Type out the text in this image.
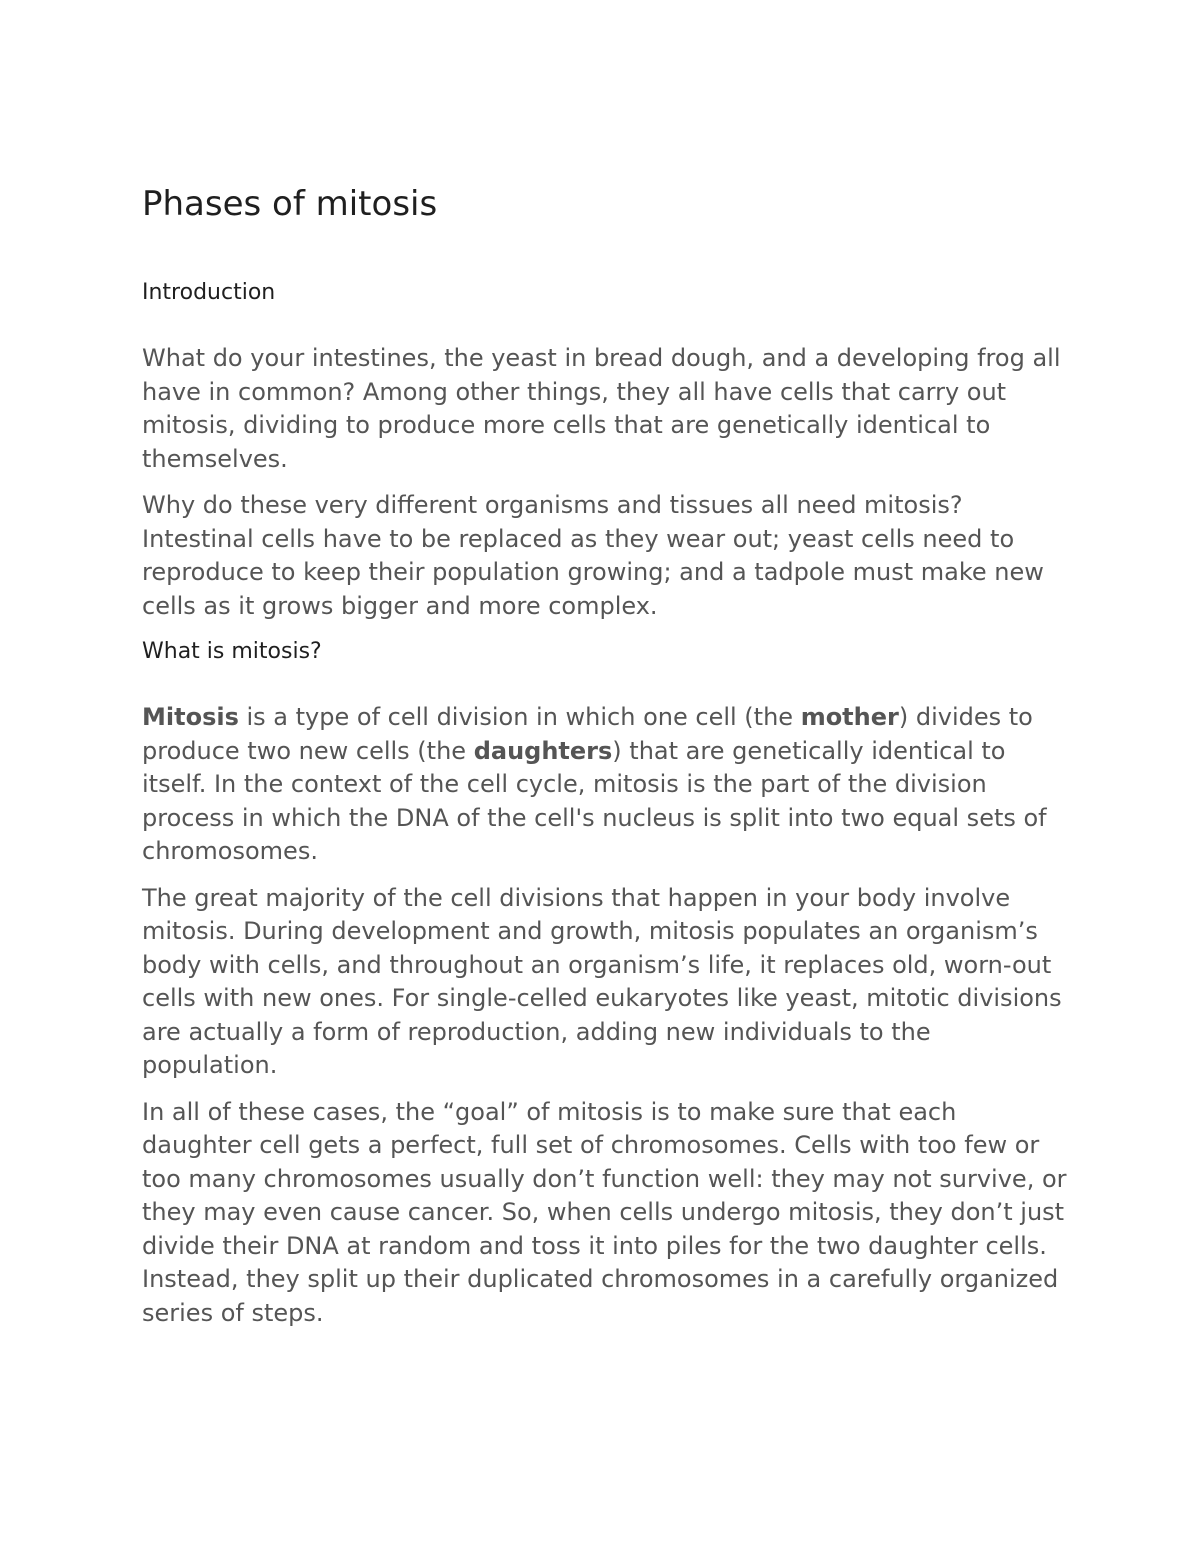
Phases of mitosis
Introduction

What do your intestines, the yeast in bread dough, and a developing frog all have in common? Among other things, they all have cells that carry out mitosis, dividing to produce more cells that are genetically identical to themselves.

Why do these very different organisms and tissues all need mitosis? Intestinal cells have to be replaced as they wear out; yeast cells need to reproduce to keep their population growing; and a tadpole must make new cells as it grows bigger and more complex.

What is mitosis?

Mitosis is a type of cell division in which one cell (the mother) divides to produce two new cells (the daughters) that are genetically identical to itself. In the context of the cell cycle, mitosis is the part of the division process in which the DNA of the cell's nucleus is split into two equal sets of chromosomes.

The great majority of the cell divisions that happen in your body involve mitosis. During development and growth, mitosis populates an organism’s body with cells, and throughout an organism’s life, it replaces old, worn-out cells with new ones. For single-celled eukaryotes like yeast, mitotic divisions are actually a form of reproduction, adding new individuals to the population.

In all of these cases, the “goal” of mitosis is to make sure that each daughter cell gets a perfect, full set of chromosomes. Cells with too few or too many chromosomes usually don’t function well: they may not survive, or they may even cause cancer. So, when cells undergo mitosis, they don’t just divide their DNA at random and toss it into piles for the two daughter cells. Instead, they split up their duplicated chromosomes in a carefully organized series of steps.
